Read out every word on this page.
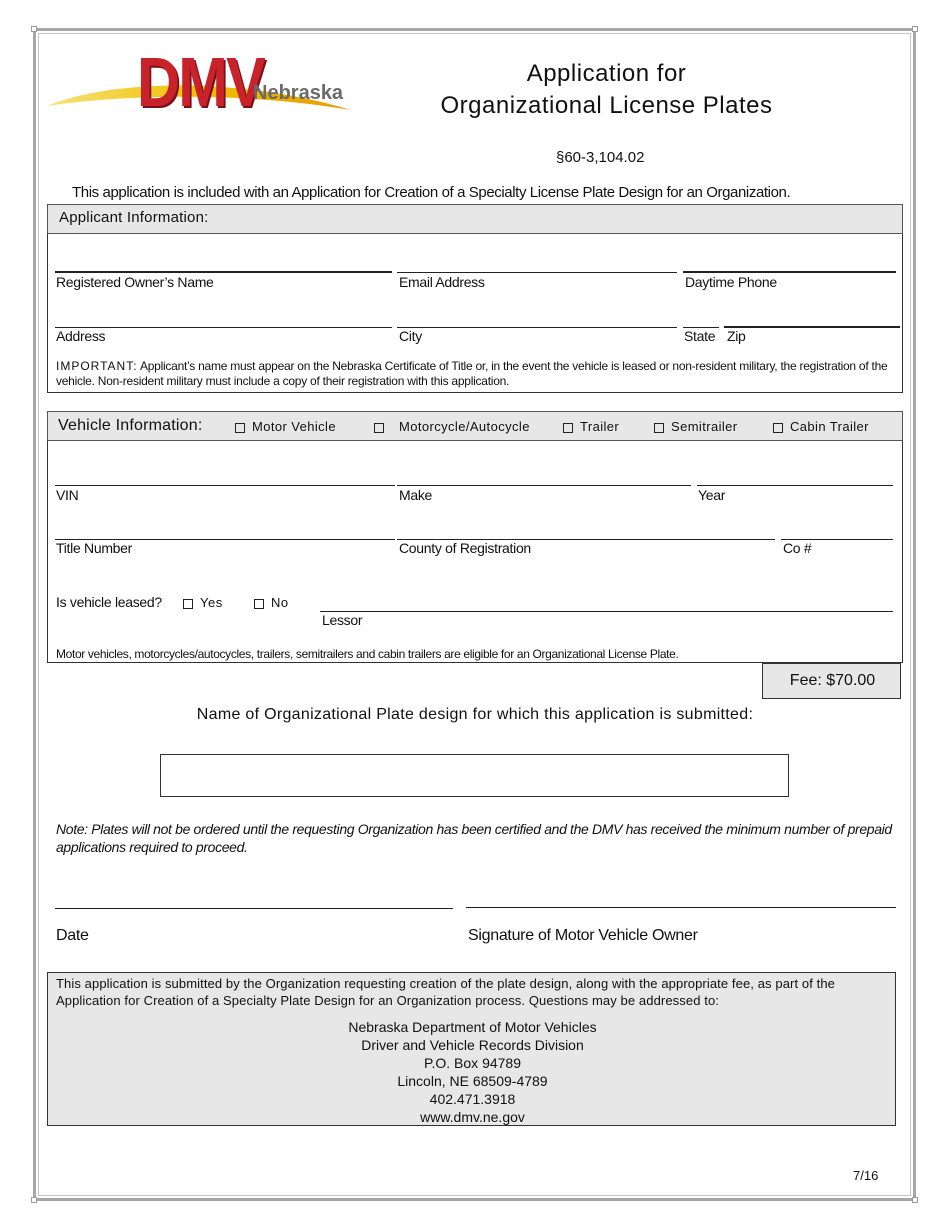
DMV
Nebraska
Application for
Organizational License Plates
§60-3,104.02
This application is included with an Application for Creation of a Specialty License Plate Design for an Organization.
Applicant Information:
Registered Owner’s Name	Email Address	Daytime Phone
Address	City	State Zip
IMPORTANT: Applicant’s name must appear on the Nebraska Certificate of Title or, in the event the vehicle is leased or non-resident military, the registration of the vehicle. Non-resident military must include a copy of their registration with this application.
Vehicle Information:	Motor Vehicle	Motorcycle/Autocycle	Trailer	Semitrailer	Cabin Trailer
VIN	Make	Year
Title Number	County of Registration	Co #
Is vehicle leased?	Yes	No
Lessor
Motor vehicles, motorcycles/autocycles, trailers, semitrailers and cabin trailers are eligible for an Organizational License Plate.
Fee: $70.00
Name of Organizational Plate design for which this application is submitted:
Note: Plates will not be ordered until the requesting Organization has been certified and the DMV has received the minimum number of prepaid applications required to proceed.
Date	Signature of Motor Vehicle Owner
This application is submitted by the Organization requesting creation of the plate design, along with the appropriate fee, as part of the Application for Creation of a Specialty Plate Design for an Organization process. Questions may be addressed to:
Nebraska Department of Motor Vehicles
Driver and Vehicle Records Division
P.O. Box 94789
Lincoln, NE 68509-4789
402.471.3918
www.dmv.ne.gov
7/16
